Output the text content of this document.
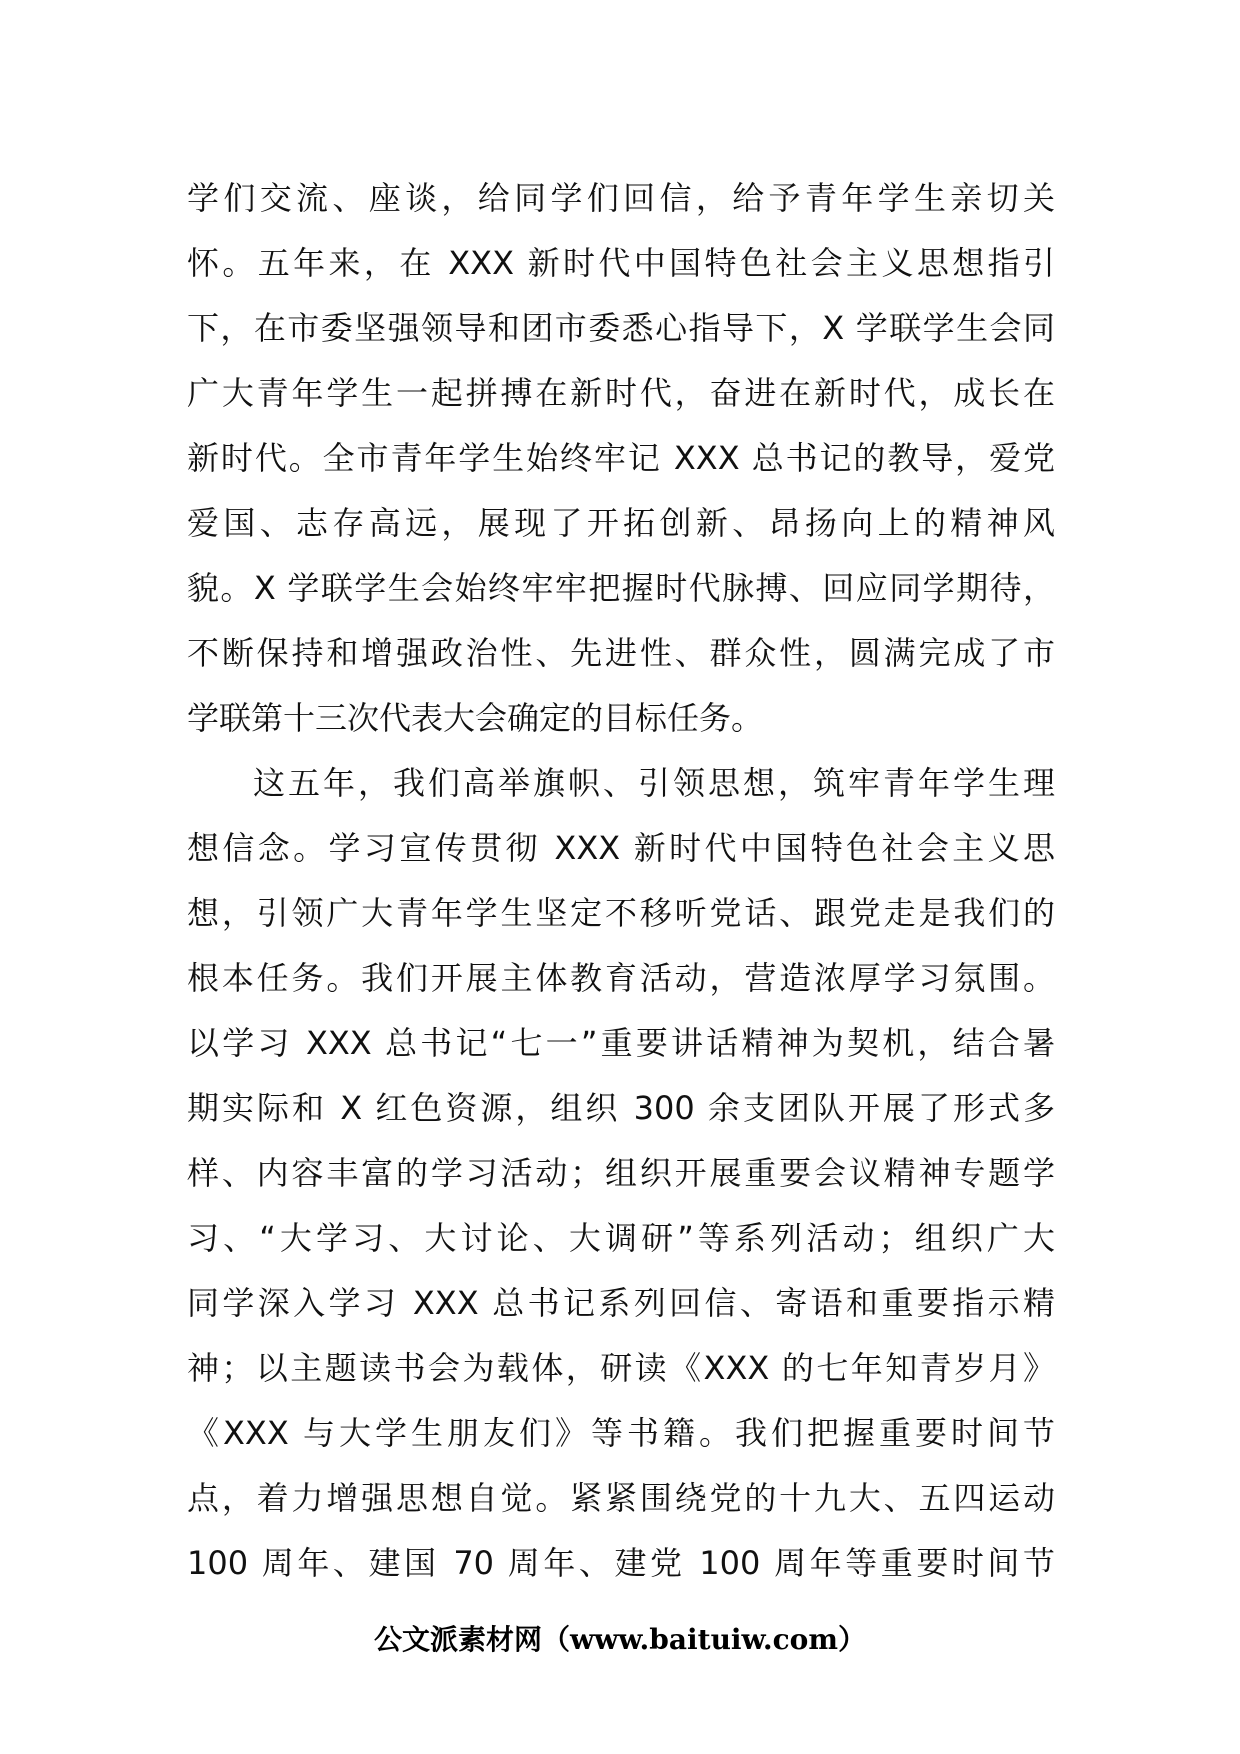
学们交流、座谈，给同学们回信，给予青年学生亲切关
怀。五年来，在 XXX 新时代中国特色社会主义思想指引
下，在市委坚强领导和团市委悉心指导下，X 学联学生会同
广大青年学生一起拼搏在新时代，奋进在新时代，成长在
新时代。全市青年学生始终牢记 XXX 总书记的教导，爱党
爱国、志存高远，展现了开拓创新、昂扬向上的精神风
貌。X 学联学生会始终牢牢把握时代脉搏、回应同学期待，
不断保持和增强政治性、先进性、群众性，圆满完成了市
学联第十三次代表大会确定的目标任务。
这五年，我们高举旗帜、引领思想，筑牢青年学生理
想信念。学习宣传贯彻 XXX 新时代中国特色社会主义思
想，引领广大青年学生坚定不移听党话、跟党走是我们的
根本任务。我们开展主体教育活动，营造浓厚学习氛围。
以学习 XXX 总书记“七一”重要讲话精神为契机，结合暑
期实际和 X 红色资源，组织 300 余支团队开展了形式多
样、内容丰富的学习活动；组织开展重要会议精神专题学
习、“大学习、大讨论、大调研”等系列活动；组织广大
同学深入学习 XXX 总书记系列回信、寄语和重要指示精
神；以主题读书会为载体，研读《XXX 的七年知青岁月》
《XXX 与大学生朋友们》等书籍。我们把握重要时间节
点，着力增强思想自觉。紧紧围绕党的十九大、五四运动
100 周年、建国 70 周年、建党 100 周年等重要时间节
公文派素材网（www.baituiw.com）
